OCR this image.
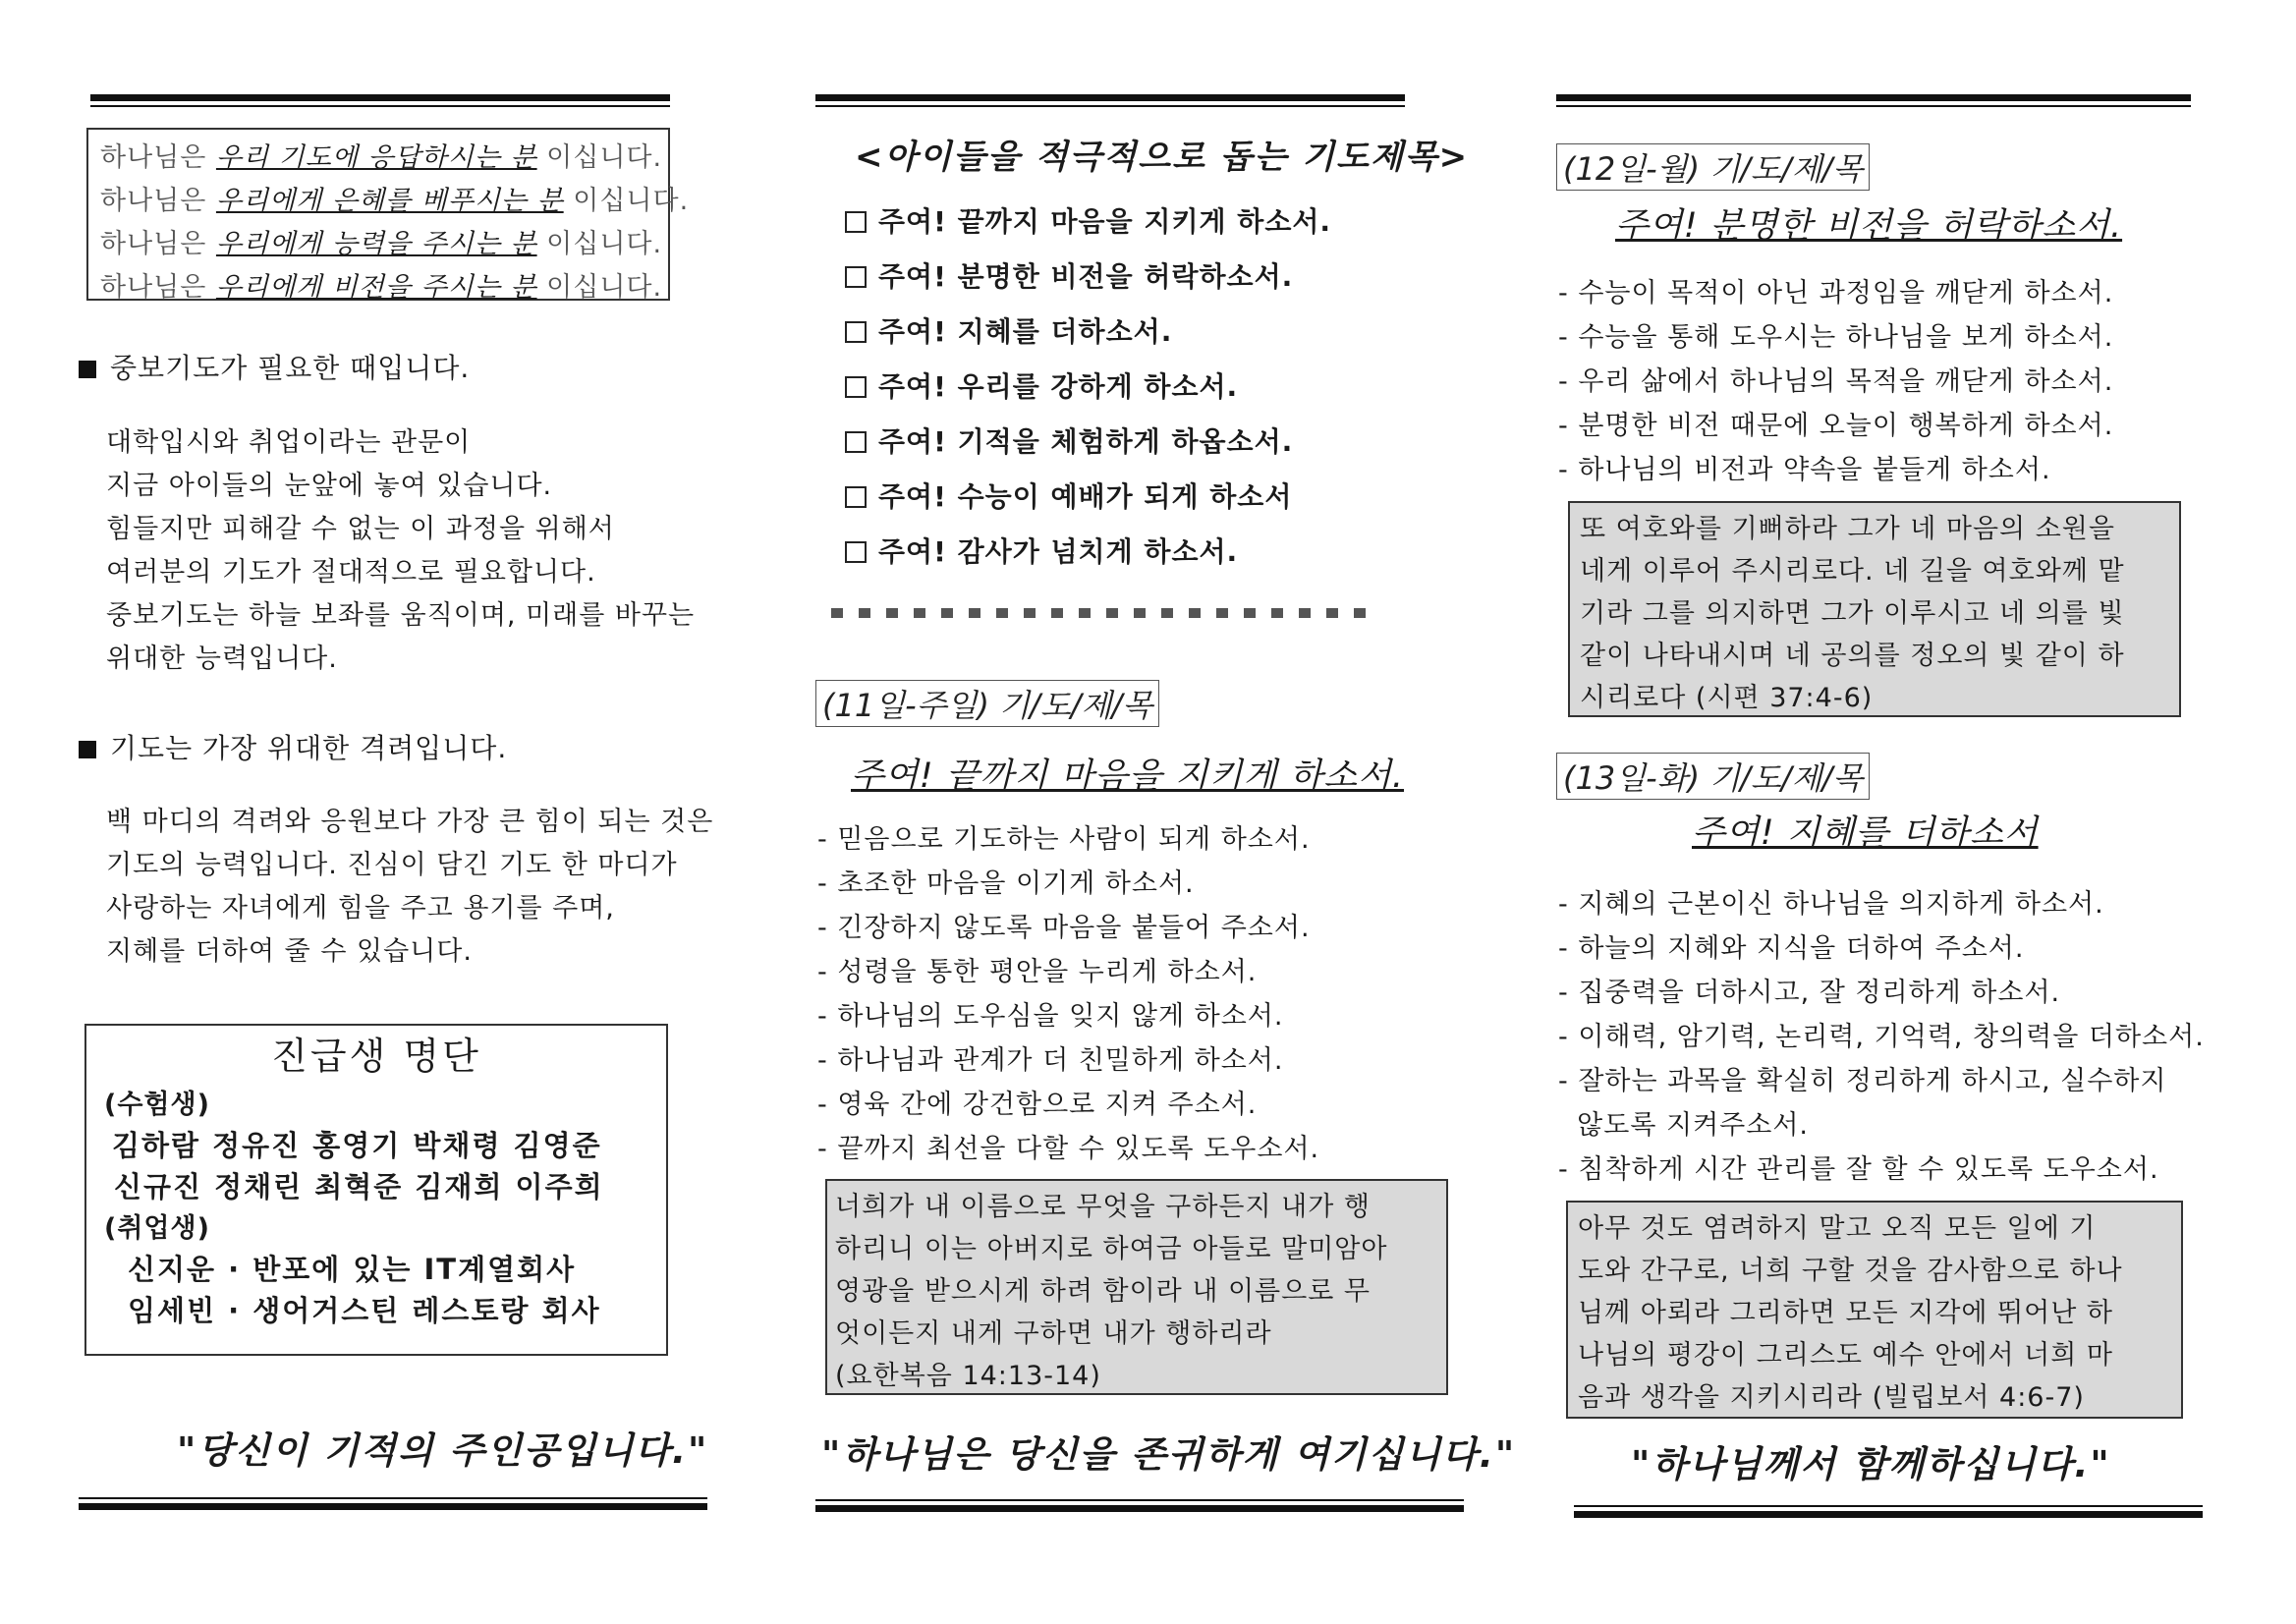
하나님은 우리 기도에 응답하시는 분 이십니다.
하나님은 우리에게 은혜를 베푸시는 분 이십니다.
하나님은 우리에게 능력을 주시는 분 이십니다.
하나님은 우리에게 비전을 주시는 분 이십니다.
중보기도가 필요한 때입니다.
대학입시와 취업이라는 관문이
지금 아이들의 눈앞에 놓여 있습니다.
힘들지만 피해갈 수 없는 이 과정을 위해서
여러분의 기도가 절대적으로 필요합니다.
중보기도는 하늘 보좌를 움직이며, 미래를 바꾸는
위대한 능력입니다.
기도는 가장 위대한 격려입니다.
백 마디의 격려와 응원보다 가장 큰 힘이 되는 것은
기도의 능력입니다. 진심이 담긴 기도 한 마디가
사랑하는 자녀에게 힘을 주고 용기를 주며,
지혜를 더하여 줄 수 있습니다.
진급생 명단
(수험생)
김하람 정유진 홍영기 박채령 김영준
신규진 정채린 최혁준 김재희 이주희
(취업생)
신지운 · 반포에 있는 IT계열회사
임세빈 · 생어거스틴 레스토랑 회사
"당신이 기적의 주인공입니다."
<아이들을 적극적으로 돕는 기도제목>
주여! 끝까지 마음을 지키게 하소서.
주여! 분명한 비전을 허락하소서.
주여! 지혜를 더하소서.
주여! 우리를 강하게 하소서.
주여! 기적을 체험하게 하옵소서.
주여! 수능이 예배가 되게 하소서
주여! 감사가 넘치게 하소서.
(11일-주일) 기/도/제/목
주여! 끝까지 마음을 지키게 하소서.
- 믿음으로 기도하는 사람이 되게 하소서.
- 초조한 마음을 이기게 하소서.
- 긴장하지 않도록 마음을 붙들어 주소서.
- 성령을 통한 평안을 누리게 하소서.
- 하나님의 도우심을 잊지 않게 하소서.
- 하나님과 관계가 더 친밀하게 하소서.
- 영육 간에 강건함으로 지켜 주소서.
- 끝까지 최선을 다할 수 있도록 도우소서.
너희가 내 이름으로 무엇을 구하든지 내가 행
하리니 이는 아버지로 하여금 아들로 말미암아
영광을 받으시게 하려 함이라 내 이름으로 무
엇이든지 내게 구하면 내가 행하리라
(요한복음 14:13-14)
"하나님은 당신을 존귀하게 여기십니다."
(12일-월) 기/도/제/목
주여! 분명한 비전을 허락하소서.
- 수능이 목적이 아닌 과정임을 깨닫게 하소서.
- 수능을 통해 도우시는 하나님을 보게 하소서.
- 우리 삶에서 하나님의 목적을 깨닫게 하소서.
- 분명한 비전 때문에 오늘이 행복하게 하소서.
- 하나님의 비전과 약속을 붙들게 하소서.
또 여호와를 기뻐하라 그가 네 마음의 소원을
네게 이루어 주시리로다. 네 길을 여호와께 맡
기라 그를 의지하면 그가 이루시고 네 의를 빛
같이 나타내시며 네 공의를 정오의 빛 같이 하
시리로다 (시편 37:4-6)
(13일-화) 기/도/제/목
주여! 지혜를 더하소서
- 지혜의 근본이신 하나님을 의지하게 하소서.
- 하늘의 지혜와 지식을 더하여 주소서.
- 집중력을 더하시고, 잘 정리하게 하소서.
- 이해력, 암기력, 논리력, 기억력, 창의력을 더하소서.
- 잘하는 과목을 확실히 정리하게 하시고, 실수하지
않도록 지켜주소서.
- 침착하게 시간 관리를 잘 할 수 있도록 도우소서.
아무 것도 염려하지 말고 오직 모든 일에 기
도와 간구로, 너희 구할 것을 감사함으로 하나
님께 아뢰라 그리하면 모든 지각에 뛰어난 하
나님의 평강이 그리스도 예수 안에서 너희 마
음과 생각을 지키시리라 (빌립보서 4:6-7)
"하나님께서 함께하십니다."
